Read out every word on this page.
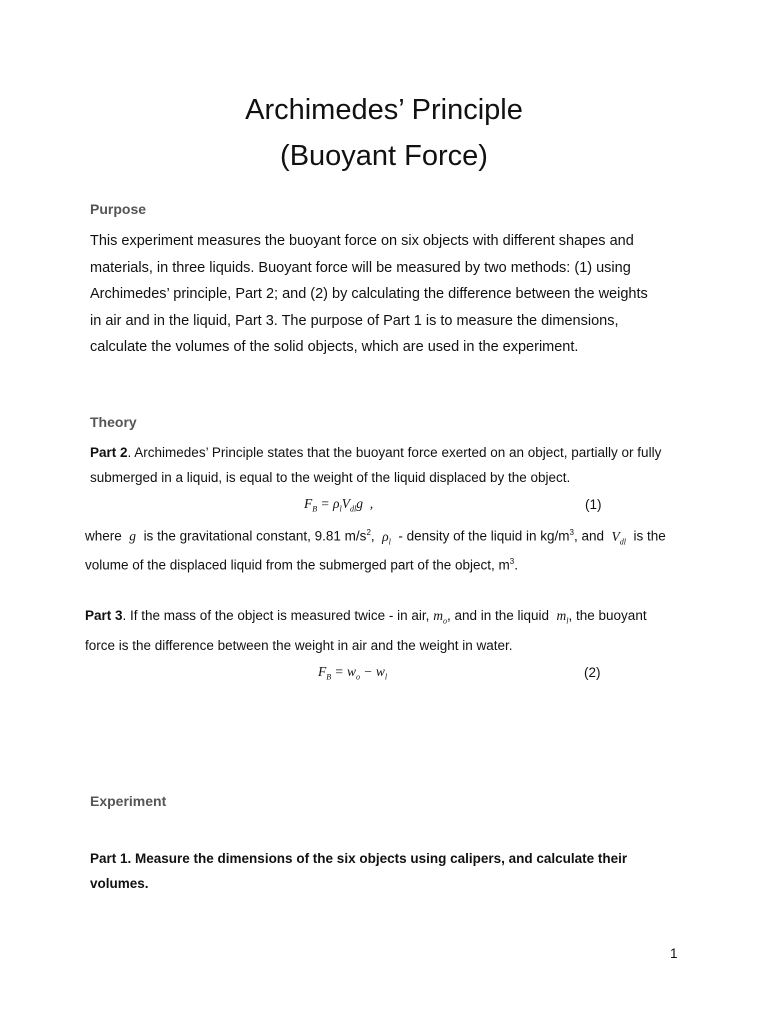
Archimedes’ Principle
(Buoyant Force)
Purpose
This experiment measures the buoyant force on six objects with different shapes and
materials, in three liquids. Buoyant force will be measured by two methods: (1) using
Archimedes’ principle, Part 2; and (2) by calculating the difference between the weights
in air and in the liquid, Part 3. The purpose of Part 1 is to measure the dimensions,
calculate the volumes of the solid objects, which are used in the experiment.
Theory
Part 2. Archimedes’ Principle states that the buoyant force exerted on an object, partially or fully
submerged in a liquid, is equal to the weight of the liquid displaced by the object.
$F_B = \rho_lV_{dl}g$  ,	(1)
where g is the gravitational constant, 9.81 $m/s^2$, $\rho_l$ - density of the liquid in $kg/m^3$, and $V_{dl}$ is the
volume of the displaced liquid from the submerged part of the object, $m^3$.
Part 3. If the mass of the object is measured twice - in air, $m_o$, and in the liquid $m_l$, the buoyant
force is the difference between the weight in air and the weight in water.
$F_B = w_o - w_l$	(2)
Experiment
Part 1. Measure the dimensions of the six objects using calipers, and calculate their
volumes.
1
